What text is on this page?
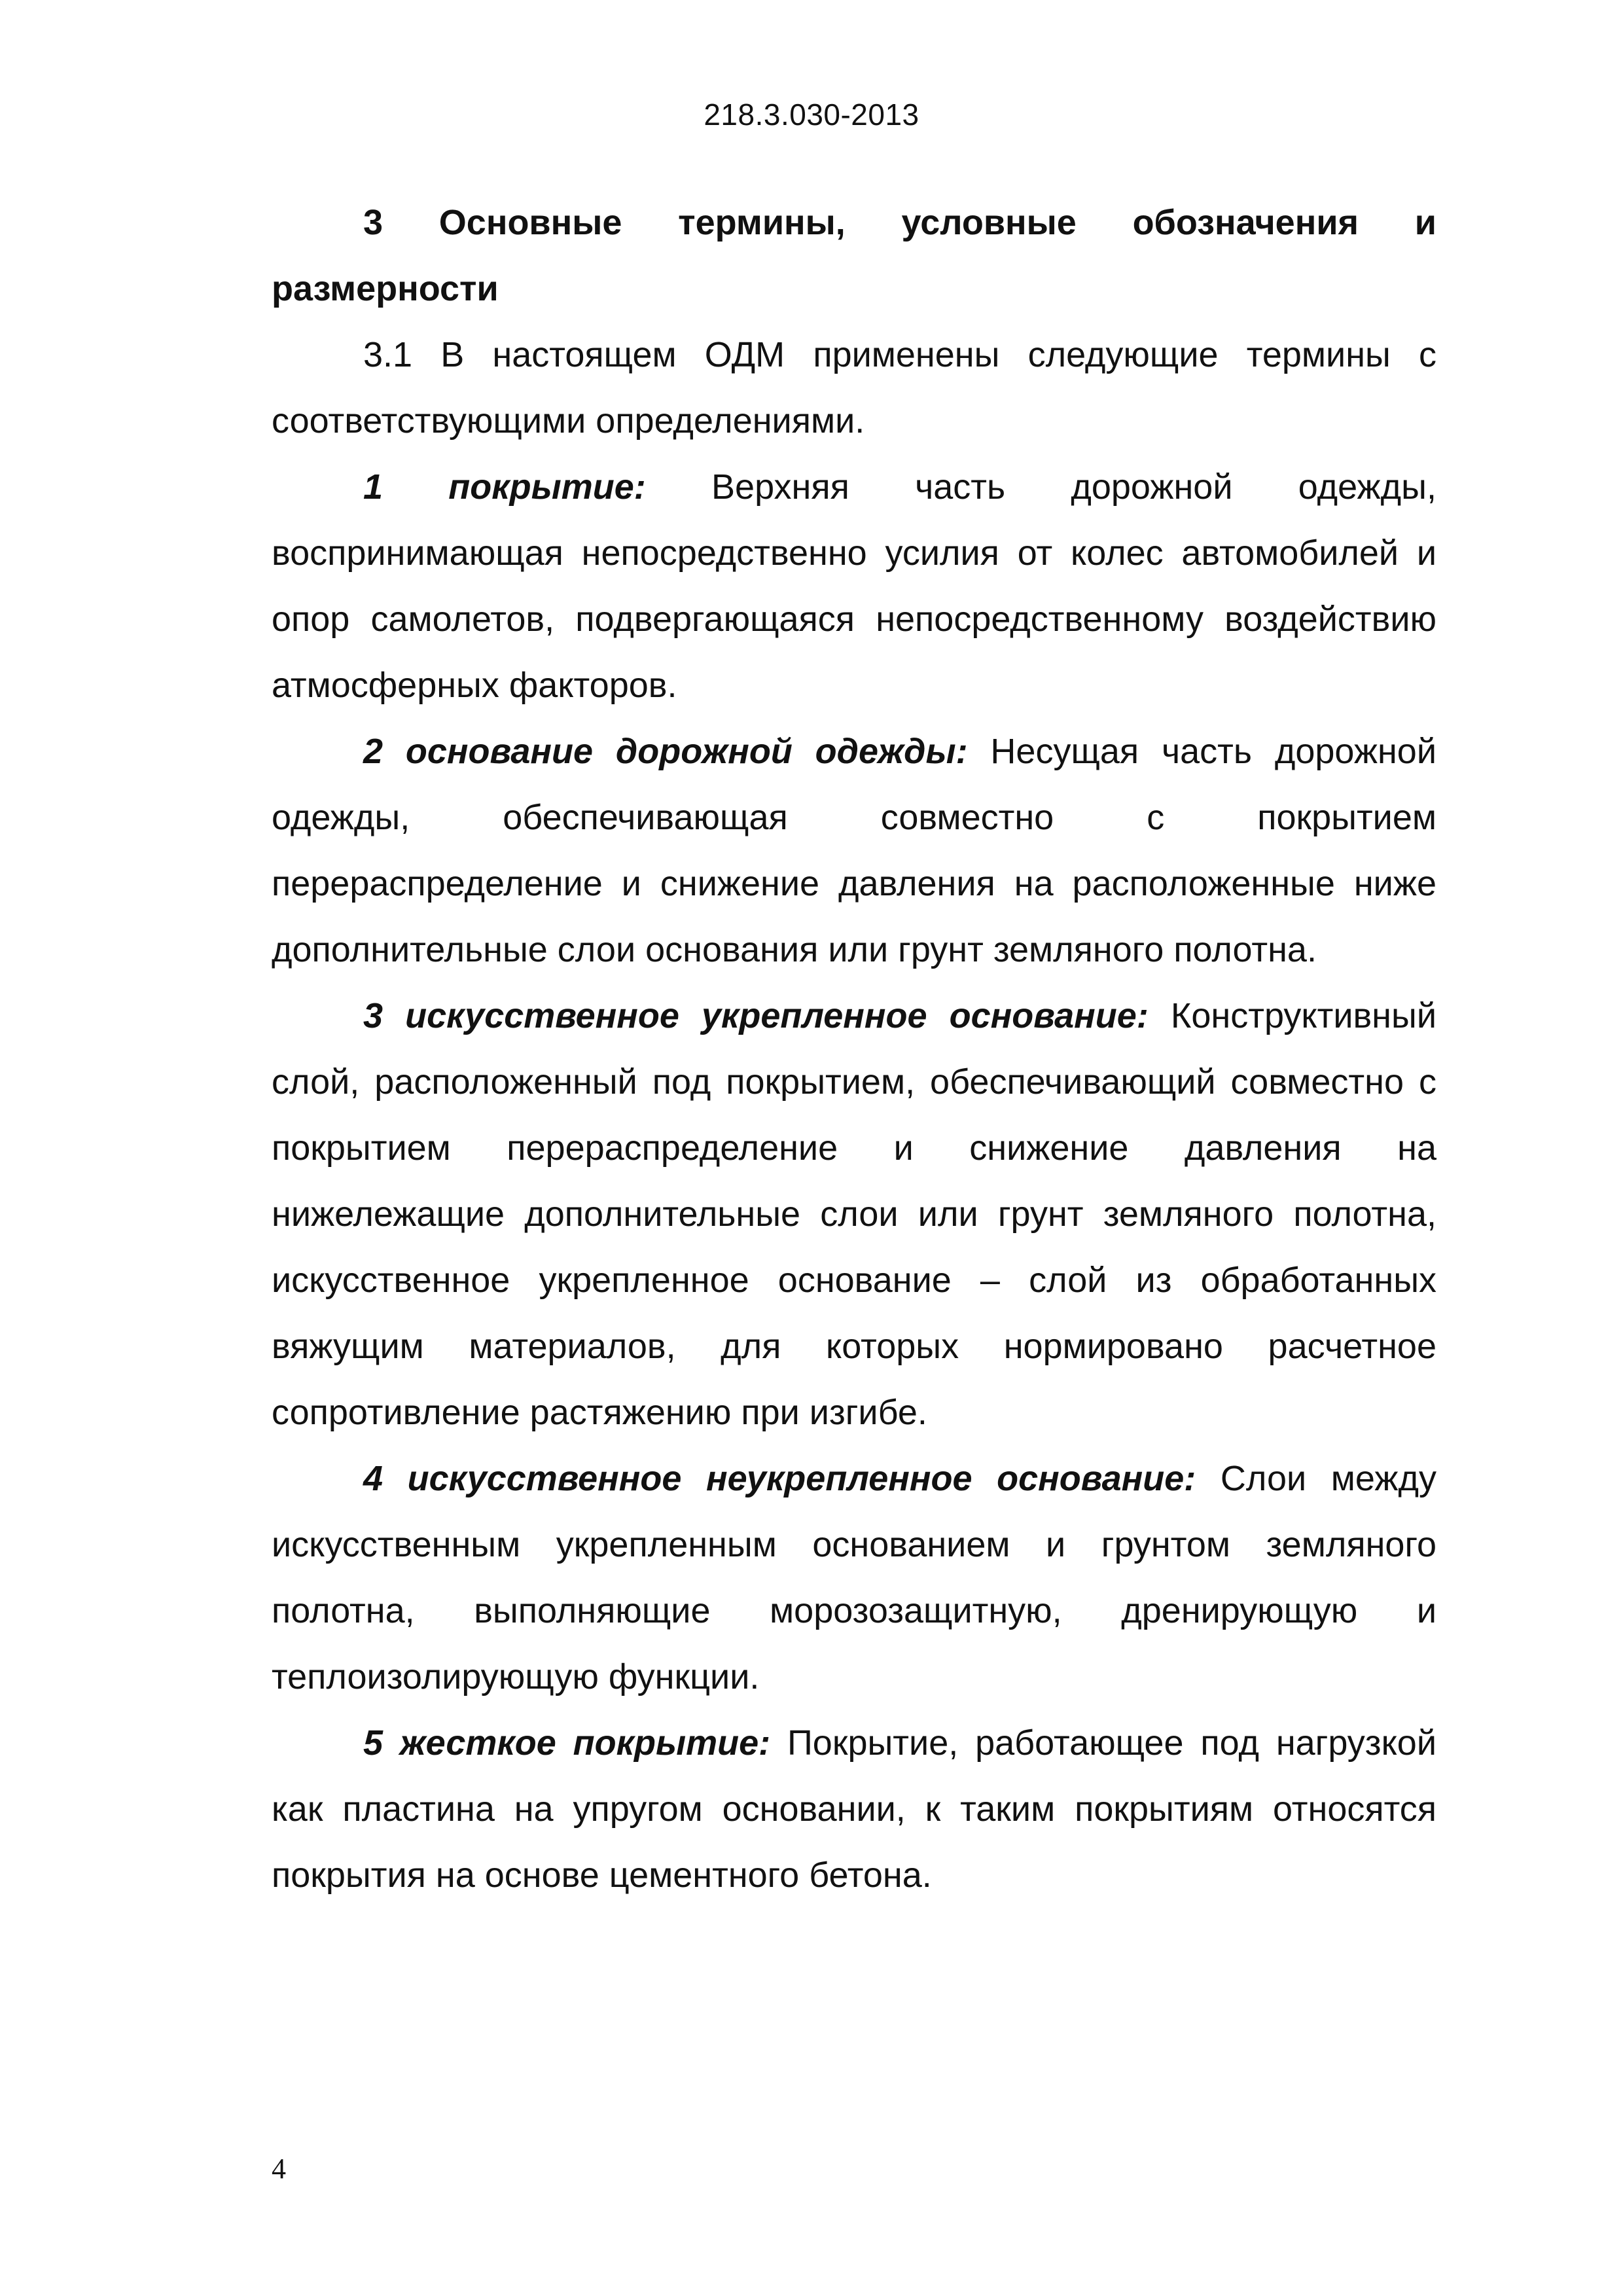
218.3.030-2013

3 Основные термины, условные обозначения и размерности

3.1 В настоящем ОДМ применены следующие термины с соответствующими определениями.

1 покрытие: Верхняя часть дорожной одежды, воспринимающая непосредственно усилия от колес автомобилей и опор самолетов, подвергающаяся непосредственному воздействию атмосферных факторов.

2 основание дорожной одежды: Несущая часть дорожной одежды, обеспечивающая совместно с покрытием перераспределение и снижение давления на расположенные ниже дополнительные слои основания или грунт земляного полотна.

3 искусственное укрепленное основание: Конструктивный слой, расположенный под покрытием, обеспечивающий совместно с покрытием перераспределение и снижение давления на нижележащие дополнительные слои или грунт земляного полотна, искусственное укрепленное основание – слой из обработанных вяжущим материалов, для которых нормировано расчетное сопротивление растяжению при изгибе.

4 искусственное неукрепленное основание: Слои между искусственным укрепленным основанием и грунтом земляного полотна, выполняющие морозозащитную, дренирующую и теплоизолирующую функции.

5 жесткое покрытие: Покрытие, работающее под нагрузкой как пластина на упругом основании, к таким покрытиям относятся покрытия на основе цементного бетона.

4
